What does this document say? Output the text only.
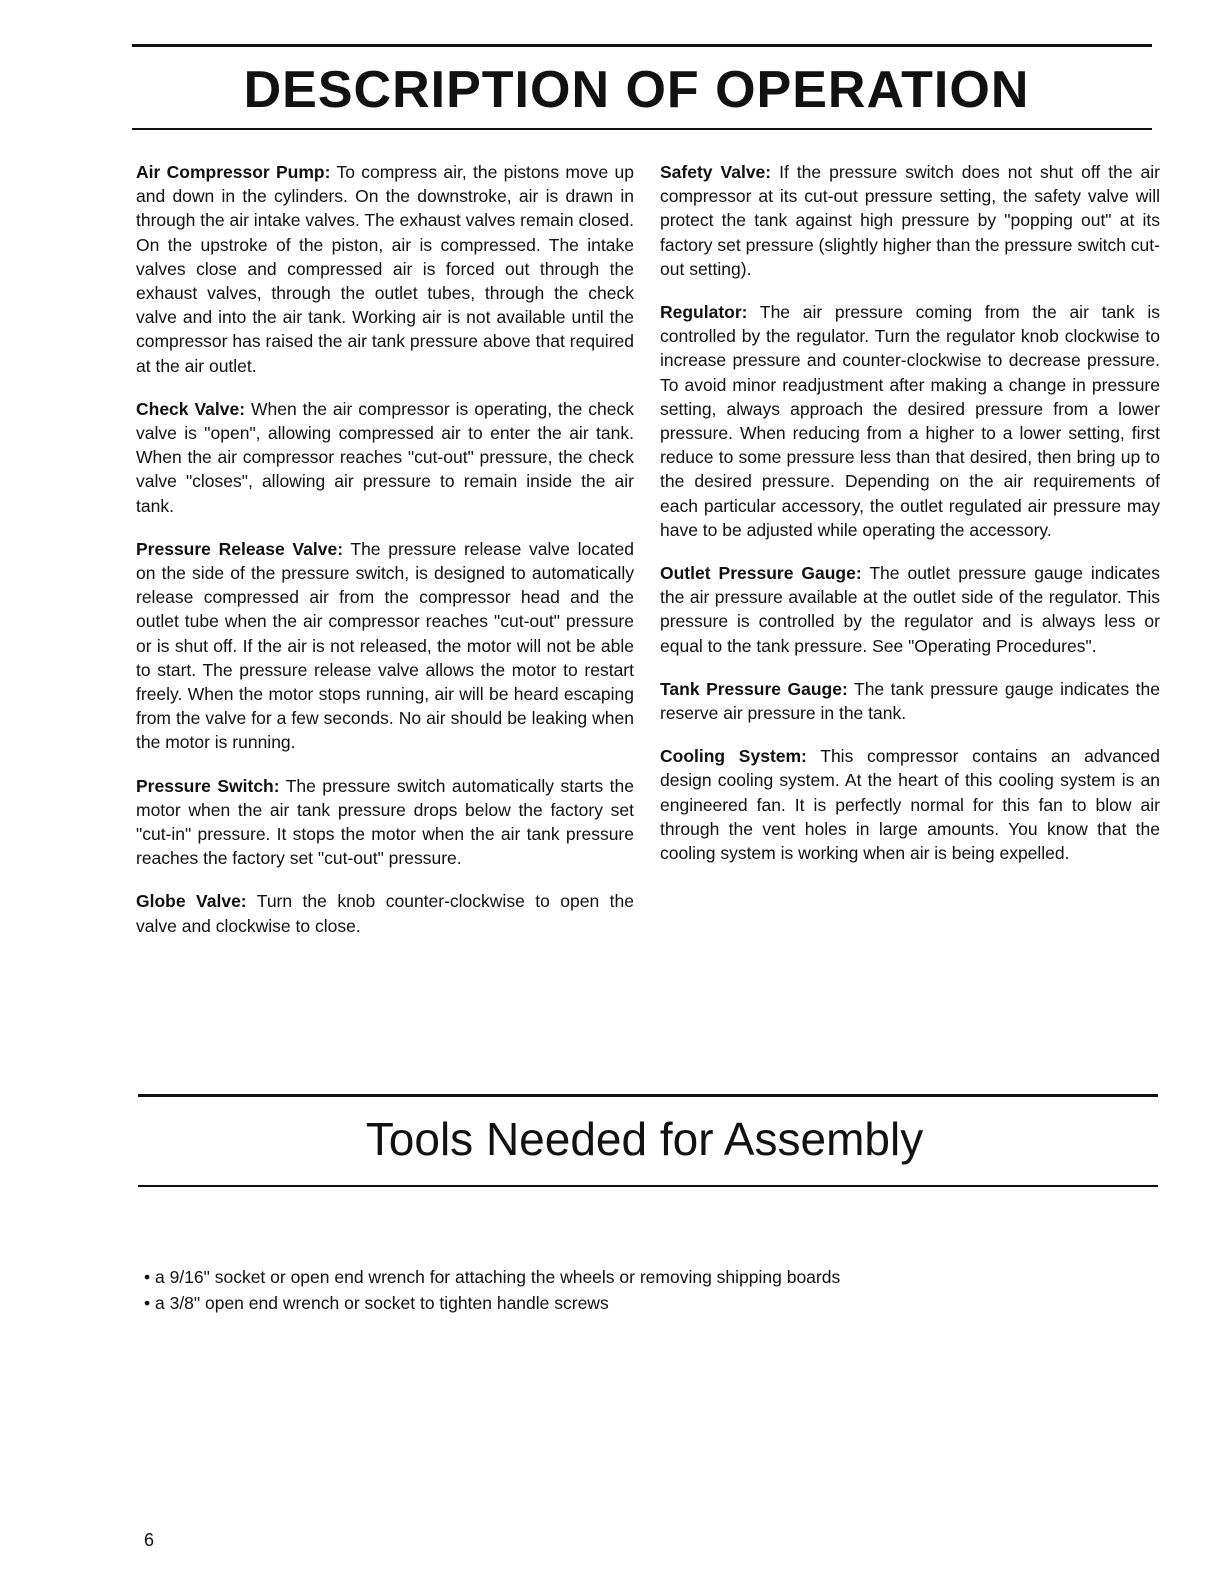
DESCRIPTION OF OPERATION

Air Compressor Pump: To compress air, the pistons move up and down in the cylinders. On the downstroke, air is drawn in through the air intake valves. The exhaust valves remain closed. On the upstroke of the piston, air is compressed. The intake valves close and compressed air is forced out through the exhaust valves, through the outlet tubes, through the check valve and into the air tank. Working air is not available until the compressor has raised the air tank pressure above that required at the air outlet.

Check Valve: When the air compressor is operating, the check valve is "open", allowing compressed air to enter the air tank. When the air compressor reaches "cut-out" pressure, the check valve "closes", allowing air pressure to remain inside the air tank.

Pressure Release Valve: The pressure release valve located on the side of the pressure switch, is designed to automatically release compressed air from the compressor head and the outlet tube when the air compressor reaches "cut-out" pressure or is shut off. If the air is not released, the motor will not be able to start. The pressure release valve allows the motor to restart freely. When the motor stops running, air will be heard escaping from the valve for a few seconds. No air should be leaking when the motor is running.

Pressure Switch: The pressure switch automatically starts the motor when the air tank pressure drops below the factory set "cut-in" pressure. It stops the motor when the air tank pressure reaches the factory set "cut-out" pressure.

Globe Valve: Turn the knob counter-clockwise to open the valve and clockwise to close.

Safety Valve: If the pressure switch does not shut off the air compressor at its cut-out pressure setting, the safety valve will protect the tank against high pressure by "popping out" at its factory set pressure (slightly higher than the pressure switch cut-out setting).

Regulator: The air pressure coming from the air tank is controlled by the regulator. Turn the regulator knob clockwise to increase pressure and counter-clockwise to decrease pressure. To avoid minor readjustment after making a change in pressure setting, always approach the desired pressure from a lower pressure. When reducing from a higher to a lower setting, first reduce to some pressure less than that desired, then bring up to the desired pressure. Depending on the air requirements of each particular accessory, the outlet regulated air pressure may have to be adjusted while operating the accessory.

Outlet Pressure Gauge: The outlet pressure gauge indicates the air pressure available at the outlet side of the regulator. This pressure is controlled by the regulator and is always less or equal to the tank pressure. See "Operating Procedures".

Tank Pressure Gauge: The tank pressure gauge indicates the reserve air pressure in the tank.

Cooling System: This compressor contains an advanced design cooling system. At the heart of this cooling system is an engineered fan. It is perfectly normal for this fan to blow air through the vent holes in large amounts. You know that the cooling system is working when air is being expelled.

Tools Needed for Assembly
• a 9/16" socket or open end wrench for attaching the wheels or removing shipping boards
• a 3/8" open end wrench or socket to tighten handle screws
6
